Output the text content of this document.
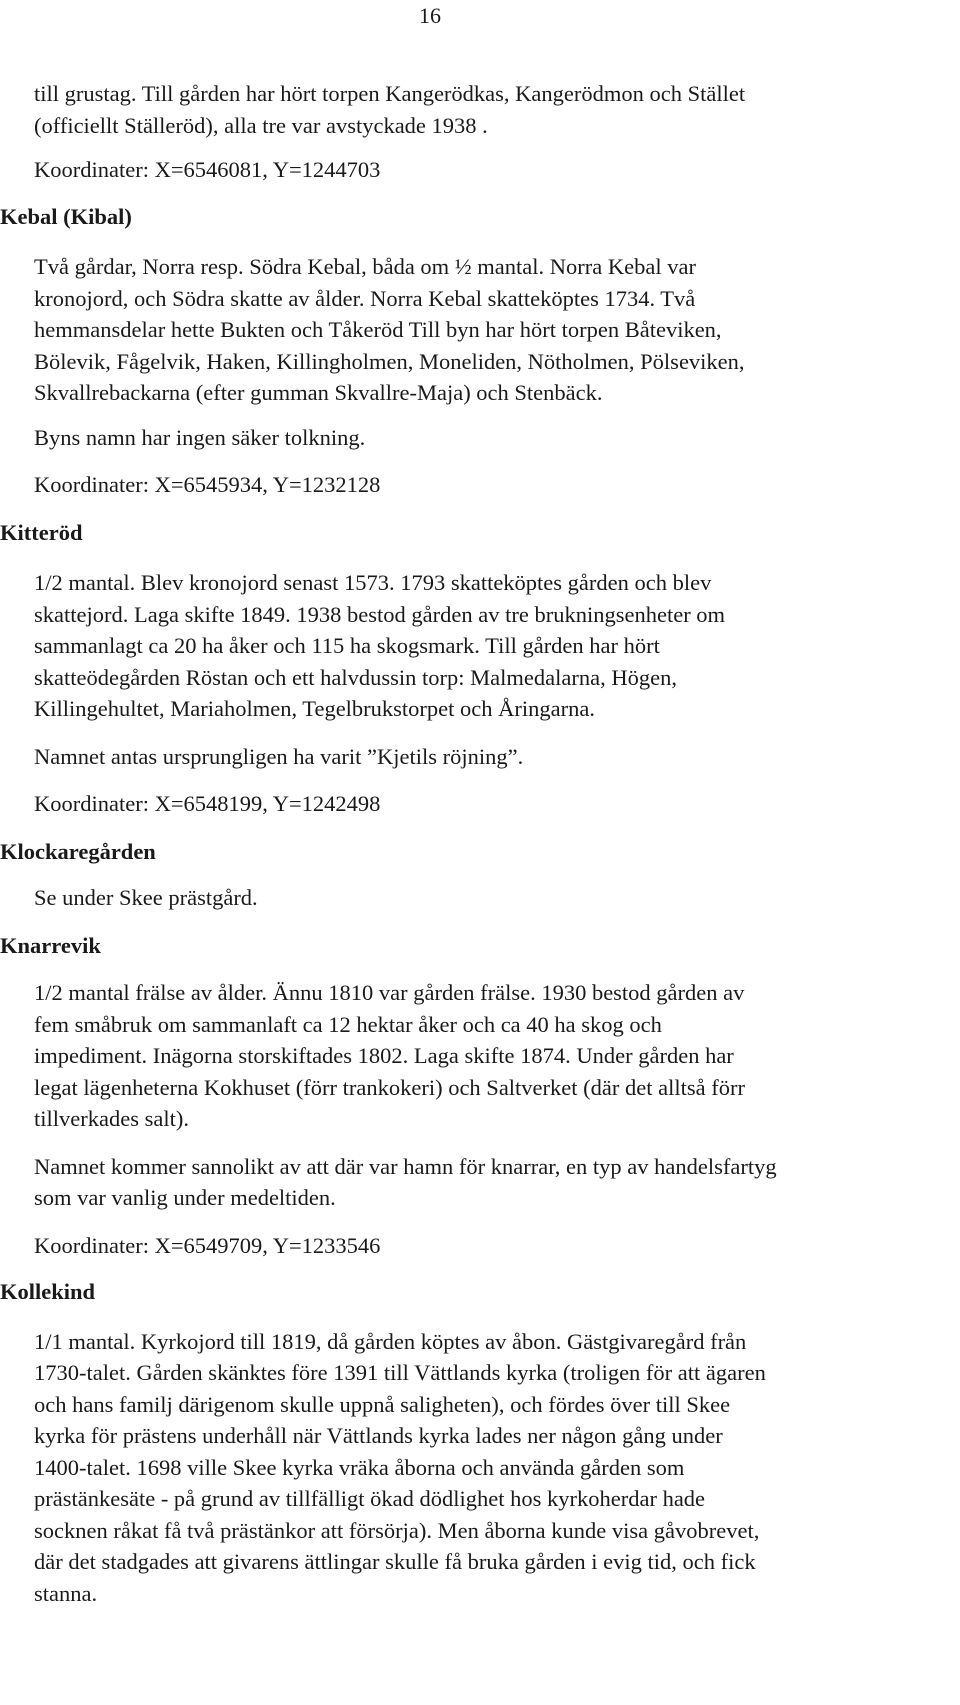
16

till grustag. Till gården har hört torpen Kangerödkas, Kangerödmon och Stället
(officiellt Ställeröd), alla tre var avstyckade 1938 .

Koordinater: X=6546081, Y=1244703

Kebal (Kibal)

Två gårdar, Norra resp. Södra Kebal, båda om ½ mantal. Norra Kebal var
kronojord, och Södra skatte av ålder. Norra Kebal skatteköptes 1734. Två
hemmansdelar hette Bukten och Tåkeröd Till byn har hört torpen Båteviken,
Bölevik, Fågelvik, Haken, Killingholmen, Moneliden, Nötholmen, Pölseviken,
Skvallrebackarna (efter gumman Skvallre-Maja) och Stenbäck.

Byns namn har ingen säker tolkning.

Koordinater: X=6545934, Y=1232128

Kitteröd

1/2 mantal. Blev kronojord senast 1573. 1793 skatteköptes gården och blev
skattejord. Laga skifte 1849. 1938 bestod gården av tre brukningsenheter om
sammanlagt ca 20 ha åker och 115 ha skogsmark. Till gården har hört
skatteödegården Röstan och ett halvdussin torp: Malmedalarna, Högen,
Killingehultet, Mariaholmen, Tegelbrukstorpet och Åringarna.

Namnet antas ursprungligen ha varit ”Kjetils röjning”.

Koordinater: X=6548199, Y=1242498

Klockaregården

Se under Skee prästgård.

Knarrevik

1/2 mantal frälse av ålder. Ännu 1810 var gården frälse. 1930 bestod gården av
fem småbruk om sammanlaft ca 12 hektar åker och ca 40 ha skog och
impediment. Inägorna storskiftades 1802. Laga skifte 1874. Under gården har
legat lägenheterna Kokhuset (förr trankokeri) och Saltverket (där det alltså förr
tillverkades salt).

Namnet kommer sannolikt av att där var hamn för knarrar, en typ av handelsfartyg
som var vanlig under medeltiden.

Koordinater: X=6549709, Y=1233546

Kollekind

1/1 mantal. Kyrkojord till 1819, då gården köptes av åbon. Gästgivaregård från
1730-talet. Gården skänktes före 1391 till Vättlands kyrka (troligen för att ägaren
och hans familj därigenom skulle uppnå saligheten), och fördes över till Skee
kyrka för prästens underhåll när Vättlands kyrka lades ner någon gång under
1400-talet. 1698 ville Skee kyrka vräka åborna och använda gården som
prästänkesäte - på grund av tillfälligt ökad dödlighet hos kyrkoherdar hade
socknen råkat få två prästänkor att försörja). Men åborna kunde visa gåvobrevet,
där det stadgades att givarens ättlingar skulle få bruka gården i evig tid, och fick
stanna.
